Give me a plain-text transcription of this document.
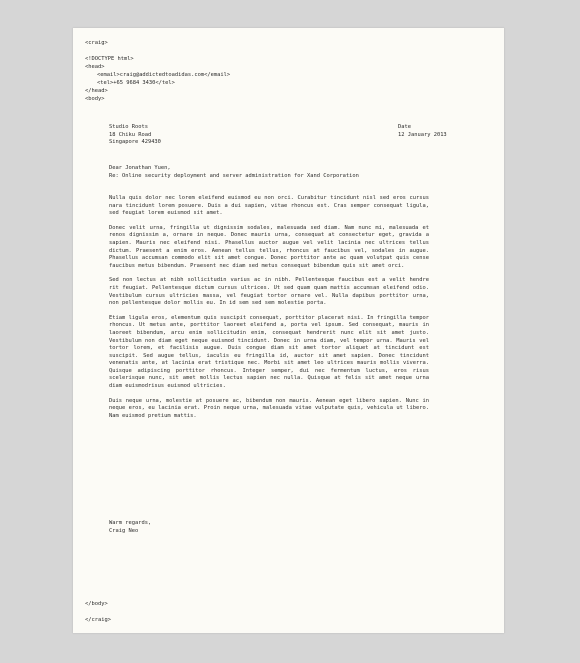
<craig>
<!DOCTYPE html>
<head>
<email>craig@addictedtoadidas.com</email>
<tel>+65 9684 3430</tel>
</head>
<body>
Studio Roots
18 Chiku Road
Singapore 429430
Date
12 January 2013
Dear Jonathan Yuen,
Re: Online security deployment and server administration for Xand Corporation

Nulla quis dolor nec lorem eleifend euismod eu non orci. Curabitur tincidunt nisl sed eros cursus nara tincidunt lorem posuere. Duis a dui sapien, vitae rhoncus est. Cras semper consequat ligula, sed feugiat lorem euismod sit amet.

Donec velit urna, fringilla ut dignissim sodales, malesuada sed diam. Nam nunc mi, malesuada et renos dignissim a, ornare in neque. Donec mauris urna, consequat at consectetur eget, gravida a sapien. Mauris nec eleifend nisi. Phasellus auctor augue vel velit lacinia nec ultrices tellus dictum. Praesent a enim eros. Aenean tellus tellus, rhoncus at faucibus vel, sodales in augue. Phasellus accumsan commodo elit sit amet congue. Donec porttitor ante ac quam volutpat quis cense faucibus metus bibendum. Praesent nec diam sed metus consequat bibendum quis sit amet orci.

Sed non lectus at nibh sollicitudin varius ac in nibh. Pellentesque faucibus est a velit hendre rit feugiat. Pellentesque dictum cursus ultrices. Ut sed quam quam mattis accumsan eleifend odio. Vestibulum cursus ultricies massa, vel feugiat tortor ornare vel. Nulla dapibus porttitor urna, non pellentesque dolor mollis eu. In id sem sed sem molestie porta.

Etiam ligula eros, elementum quis suscipit consequat, porttitor placerat nisi. In fringilla tempor rhoncus. Ut metus ante, porttitor laoreet eleifend a, porta vel ipsum. Sed consequat, mauris in laoreet bibendum, arcu enim sollicitudin enim, consequat hendrerit nunc elit sit amet justo. Vestibulum non diam eget neque euismod tincidunt. Donec in urna diam, vel tempor urna. Mauris vel tortor lorem, et facilisis augue. Duis congue diam sit amet tortor aliquet at tincidunt est suscipit. Sed augue tellus, iaculis eu fringilla id, auctor sit amet sapien. Donec tincidunt venenatis ante, at lacinia erat tristique nec. Morbi sit amet leo ultrices mauris mollis viverra. Quisque adipiscing porttitor rhoncus. Integer semper, dui nec fermentum luctus, eros risus scelerisque nunc, sit amet mollis lectus sapien nec nulla. Quisque at felis sit amet neque urna diam euismodrisus euismod ultricies.

Duis neque urna, molestie at posuere ac, bibendum non mauris. Aenean eget libero sapien. Nunc in neque eros, eu lacinia erat. Proin neque urna, malesuada vitae vulputate quis, vehicula ut libero. Nam euismod pretium mattis.

Warm regards,
Craig Neo
</body>
</craig>
